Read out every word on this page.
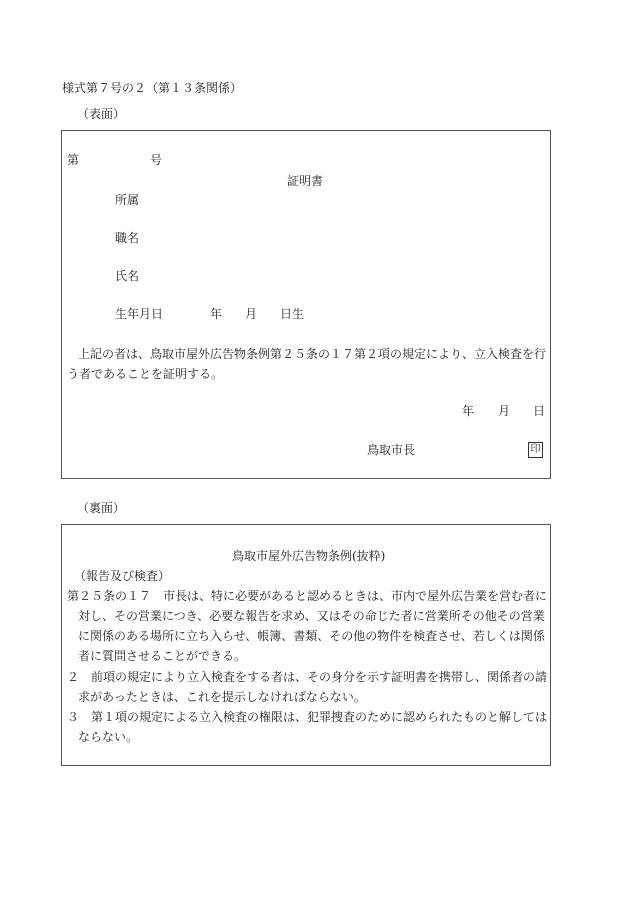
様式第７号の２（第１３条関係）
（表面）
第	号
証明書
所属
職名
氏名
生年月日	年 月 日生
上記の者は、鳥取市屋外広告物条例第２５条の１７第２項の規定により、立入検査を行
う者であることを証明する。
年 月 日
鳥取市長	印
（裏面）
鳥取市屋外広告物条例(抜粋)
（報告及び検査）
第２５条の１７　市長は、特に必要があると認めるときは、市内で屋外広告業を営む者に
対し、その営業につき、必要な報告を求め、又はその命じた者に営業所その他その営業
に関係のある場所に立ち入らせ、帳簿、書類、その他の物件を検査させ、若しくは関係
者に質問させることができる。
２　前項の規定により立入検査をする者は、その身分を示す証明書を携帯し、関係者の請
求があったときは、これを提示しなければならない。
３　第１項の規定による立入検査の権限は、犯罪捜査のために認められたものと解しては
ならない。
